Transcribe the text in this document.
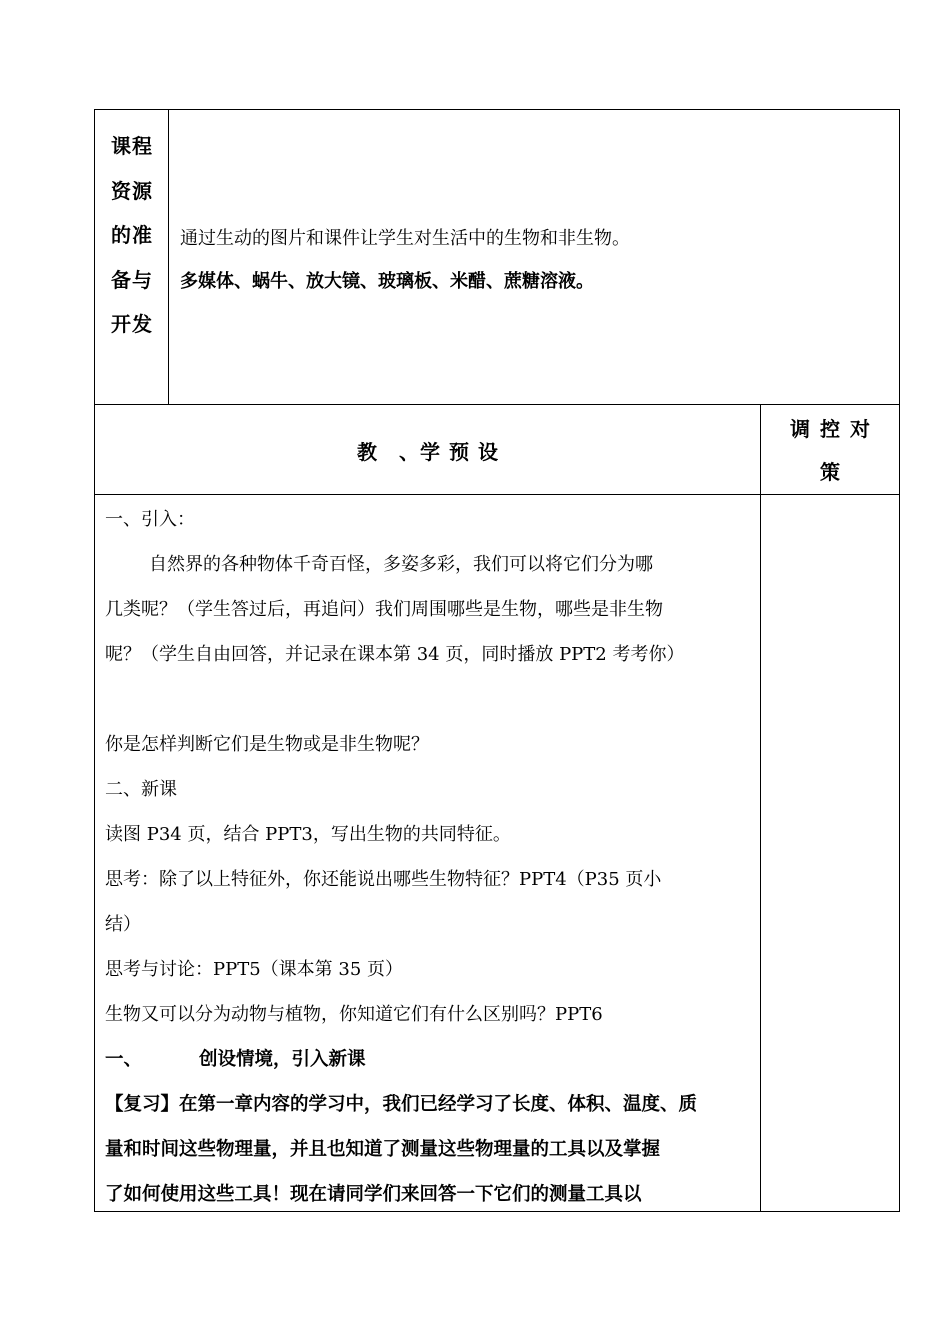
课程
资源
的准
备与
开发

通过生动的图片和课件让学生对生活中的生物和非生物。

多媒体、蜗牛、放大镜、玻璃板、米醋、蔗糖溶液。

教　、学 预 设
调控对
策

一、引入：

自然界的各种物体千奇百怪，多姿多彩，我们可以将它们分为哪

几类呢？（学生答过后，再追问）我们周围哪些是生物，哪些是非生物

呢？（学生自由回答，并记录在课本第 34 页，同时播放 PPT2 考考你）

你是怎样判断它们是生物或是非生物呢？

二、新课

读图 P34 页，结合 PPT3，写出生物的共同特征。

思考：除了以上特征外，你还能说出哪些生物特征？PPT4（P35 页小

结）

思考与讨论：PPT5（课本第 35 页）

生物又可以分为动物与植物，你知道它们有什么区别吗？PPT6

一、	创设情境，引入新课

【复习】在第一章内容的学习中，我们已经学习了长度、体积、温度、质

量和时间这些物理量，并且也知道了测量这些物理量的工具以及掌握

了如何使用这些工具！现在请同学们来回答一下它们的测量工具以
